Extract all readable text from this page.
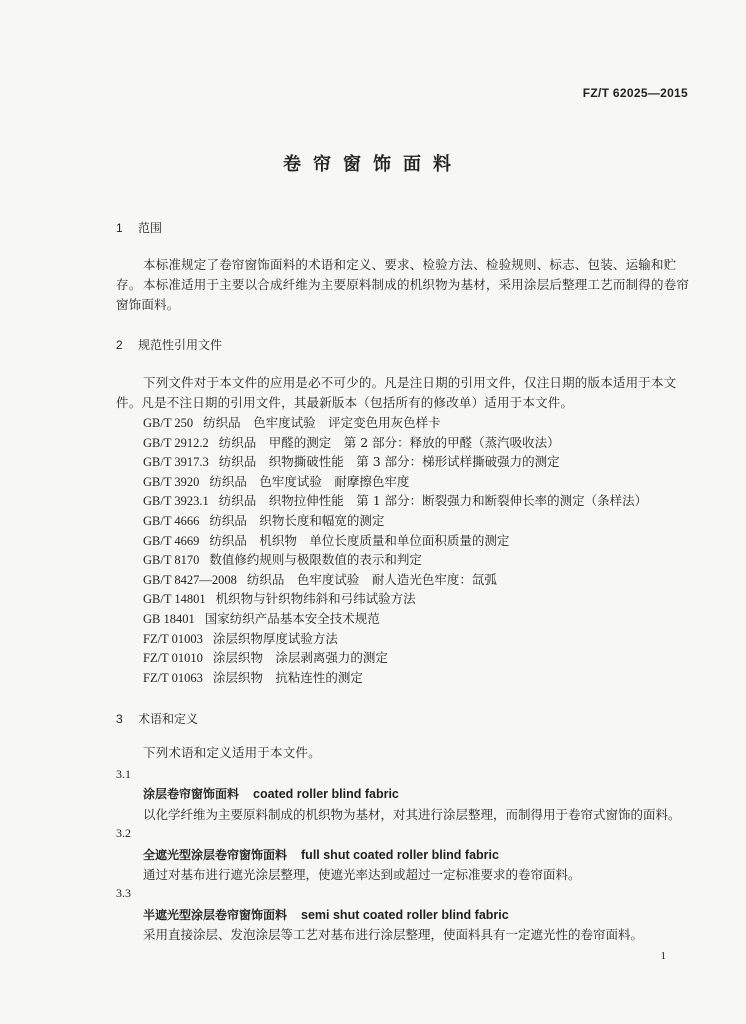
FZ/T 62025—2015
卷帘窗饰面料
1 范围
本标准规定了卷帘窗饰面料的术语和定义、要求、检验方法、检验规则、标志、包装、运输和贮存。 本标准适用于主要以合成纤维为主要原料制成的机织物为基材，采用涂层后整理工艺而制得的卷帘窗饰面料。
2 规范性引用文件
下列文件对于本文件的应用是必不可少的。凡是注日期的引用文件，仅注日期的版本适用于本文件。凡是不注日期的引用文件，其最新版本（包括所有的修改单）适用于本文件。
GB/T 250 纺织品　色牢度试验　评定变色用灰色样卡
GB/T 2912.2 纺织品　甲醛的测定　第 2 部分：释放的甲醛（蒸汽吸收法）
GB/T 3917.3 纺织品　织物撕破性能　第 3 部分：梯形试样撕破强力的测定
GB/T 3920 纺织品　色牢度试验　耐摩擦色牢度
GB/T 3923.1 纺织品　织物拉伸性能　第 1 部分：断裂强力和断裂伸长率的测定（条样法）
GB/T 4666 纺织品　织物长度和幅宽的测定
GB/T 4669 纺织品　机织物　单位长度质量和单位面积质量的测定
GB/T 8170 数值修约规则与极限数值的表示和判定
GB/T 8427—2008 纺织品　色牢度试验　耐人造光色牢度：氙弧
GB/T 14801 机织物与针织物纬斜和弓纬试验方法
GB 18401 国家纺织产品基本安全技术规范
FZ/T 01003 涂层织物厚度试验方法
FZ/T 01010 涂层织物　涂层剥离强力的测定
FZ/T 01063 涂层织物　抗粘连性的测定
3 术语和定义
下列术语和定义适用于本文件。
3.1
涂层卷帘窗饰面料 coated roller blind fabric
以化学纤维为主要原料制成的机织物为基材，对其进行涂层整理，而制得用于卷帘式窗饰的面料。
3.2
全遮光型涂层卷帘窗饰面料 full shut coated roller blind fabric
通过对基布进行遮光涂层整理，使遮光率达到或超过一定标准要求的卷帘面料。
3.3
半遮光型涂层卷帘窗饰面料 semi shut coated roller blind fabric
采用直接涂层、发泡涂层等工艺对基布进行涂层整理，使面料具有一定遮光性的卷帘面料。
1
